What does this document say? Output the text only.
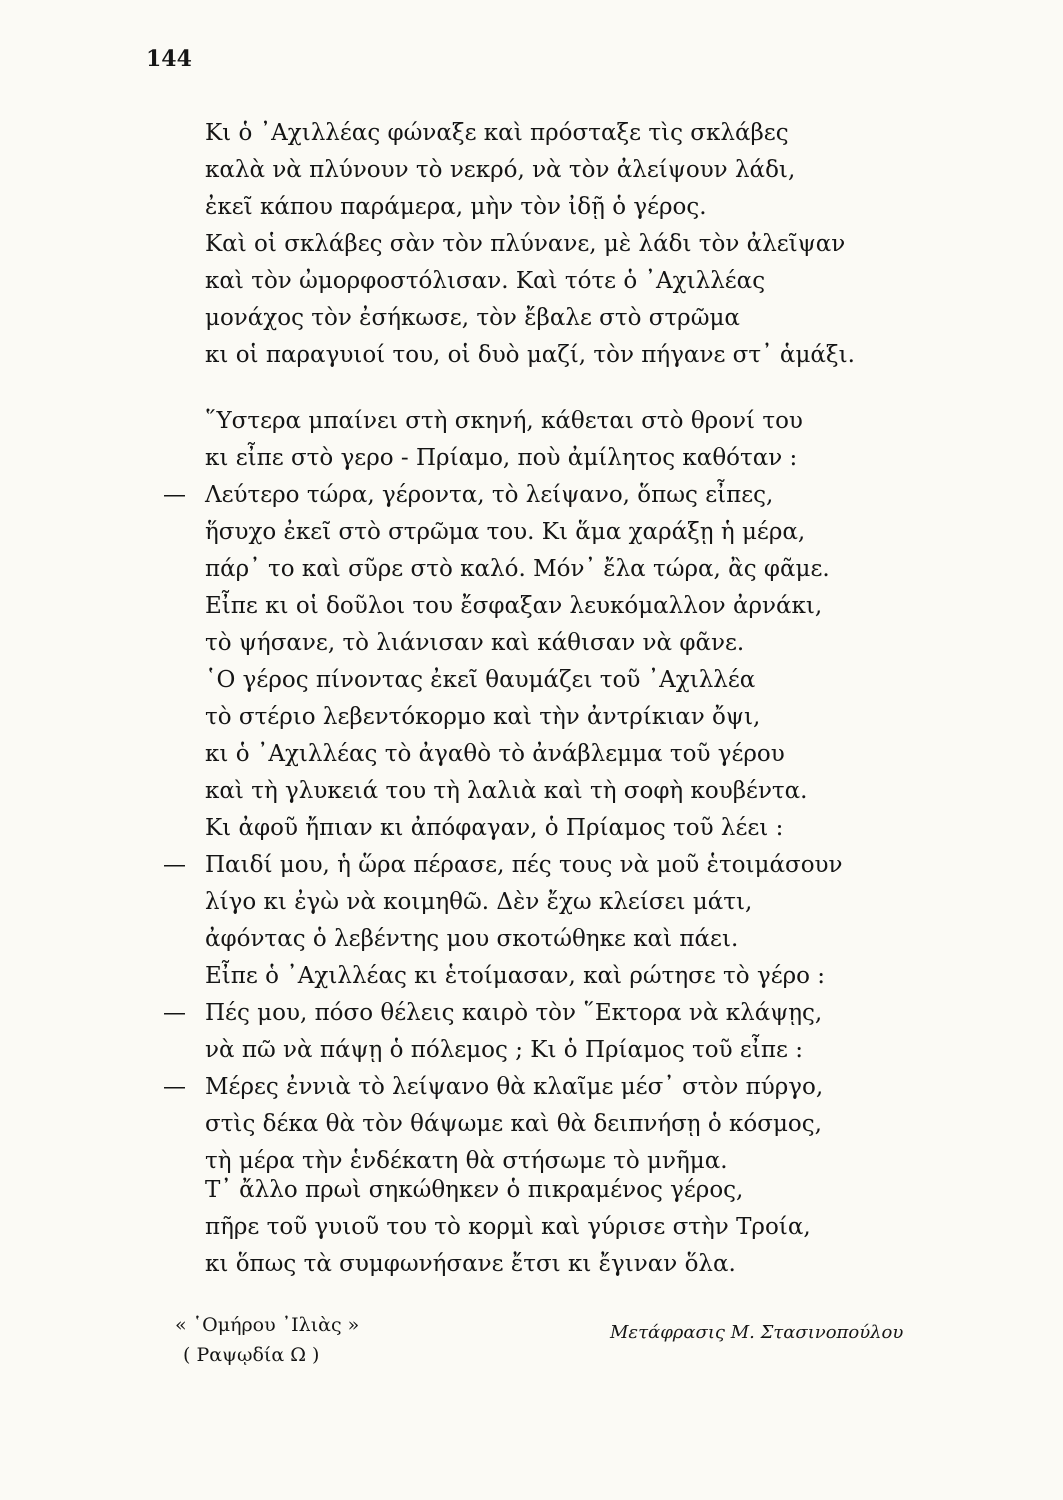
144
Κι ὁ ᾿Αχιλλέας φώναξε καὶ πρόσταξε τὶς σκλάβες
καλὰ νὰ πλύνουν τὸ νεκρό, νὰ τὸν ἀλείψουν λάδι,
ἐκεῖ κάπου παράμερα, μὴν τὸν ἰδῇ ὁ γέρος.
Καὶ οἱ σκλάβες σὰν τὸν πλύνανε, μὲ λάδι τὸν ἀλεῖψαν
καὶ τὸν ὠμορφοστόλισαν. Καὶ τότε ὁ ᾿Αχιλλέας
μονάχος τὸν ἐσήκωσε, τὸν ἔβαλε στὸ στρῶμα
κι οἱ παραγυιοί του, οἱ δυὸ μαζί, τὸν πήγανε στ᾿ ἁμάξι.
῞Υστερα μπαίνει στὴ σκηνή, κάθεται στὸ θρονί του
κι εἶπε στὸ γερο - Πρίαμο, ποὺ ἀμίλητος καθόταν :
— Λεύτερο τώρα, γέροντα, τὸ λείψανο, ὅπως εἶπες,
ἥσυχο ἐκεῖ στὸ στρῶμα του. Κι ἅμα χαράξῃ ἡ μέρα,
πάρ᾿ το καὶ σῦρε στὸ καλό. Μόν᾿ ἔλα τώρα, ἂς φᾶμε.
Εἶπε κι οἱ δοῦλοι του ἔσφαξαν λευκόμαλλον ἀρνάκι,
τὸ ψήσανε, τὸ λιάνισαν καὶ κάθισαν νὰ φᾶνε.
῾Ο γέρος πίνοντας ἐκεῖ θαυμάζει τοῦ ᾿Αχιλλέα
τὸ στέριο λεβεντόκορμο καὶ τὴν ἀντρίκιαν ὄψι,
κι ὁ ᾿Αχιλλέας τὸ ἀγαθὸ τὸ ἀνάβλεμμα τοῦ γέρου
καὶ τὴ γλυκειά του τὴ λαλιὰ καὶ τὴ σοφὴ κουβέντα.
Κι ἀφοῦ ἤπιαν κι ἀπόφαγαν, ὁ Πρίαμος τοῦ λέει :
— Παιδί μου, ἡ ὥρα πέρασε, πές τους νὰ μοῦ ἑτοιμάσουν
λίγο κι ἐγὼ νὰ κοιμηθῶ. Δὲν ἔχω κλείσει μάτι,
ἀφόντας ὁ λεβέντης μου σκοτώθηκε καὶ πάει.
Εἶπε ὁ ᾿Αχιλλέας κι ἑτοίμασαν, καὶ ρώτησε τὸ γέρο :
— Πές μου, πόσο θέλεις καιρὸ τὸν ῞Εκτορα νὰ κλάψῃς,
νὰ πῶ νὰ πάψῃ ὁ πόλεμος ; Κι ὁ Πρίαμος τοῦ εἶπε :
— Μέρες ἐννιὰ τὸ λείψανο θὰ κλαῖμε μέσ᾿ στὸν πύργο,
στὶς δέκα θὰ τὸν θάψωμε καὶ θὰ δειπνήσῃ ὁ κόσμος,
τὴ μέρα τὴν ἑνδέκατη θὰ στήσωμε τὸ μνῆμα.
Τ᾿ ἄλλο πρωὶ σηκώθηκεν ὁ πικραμένος γέρος,
πῆρε τοῦ γυιοῦ του τὸ κορμὶ καὶ γύρισε στὴν Τροία,
κι ὅπως τὰ συμφωνήσανε ἔτσι κι ἔγιναν ὅλα.
« ῾Ομήρου ᾿Ιλιὰς »
( Ραψῳδία Ω )
Μετάφρασις Μ. Στασινοπούλου
